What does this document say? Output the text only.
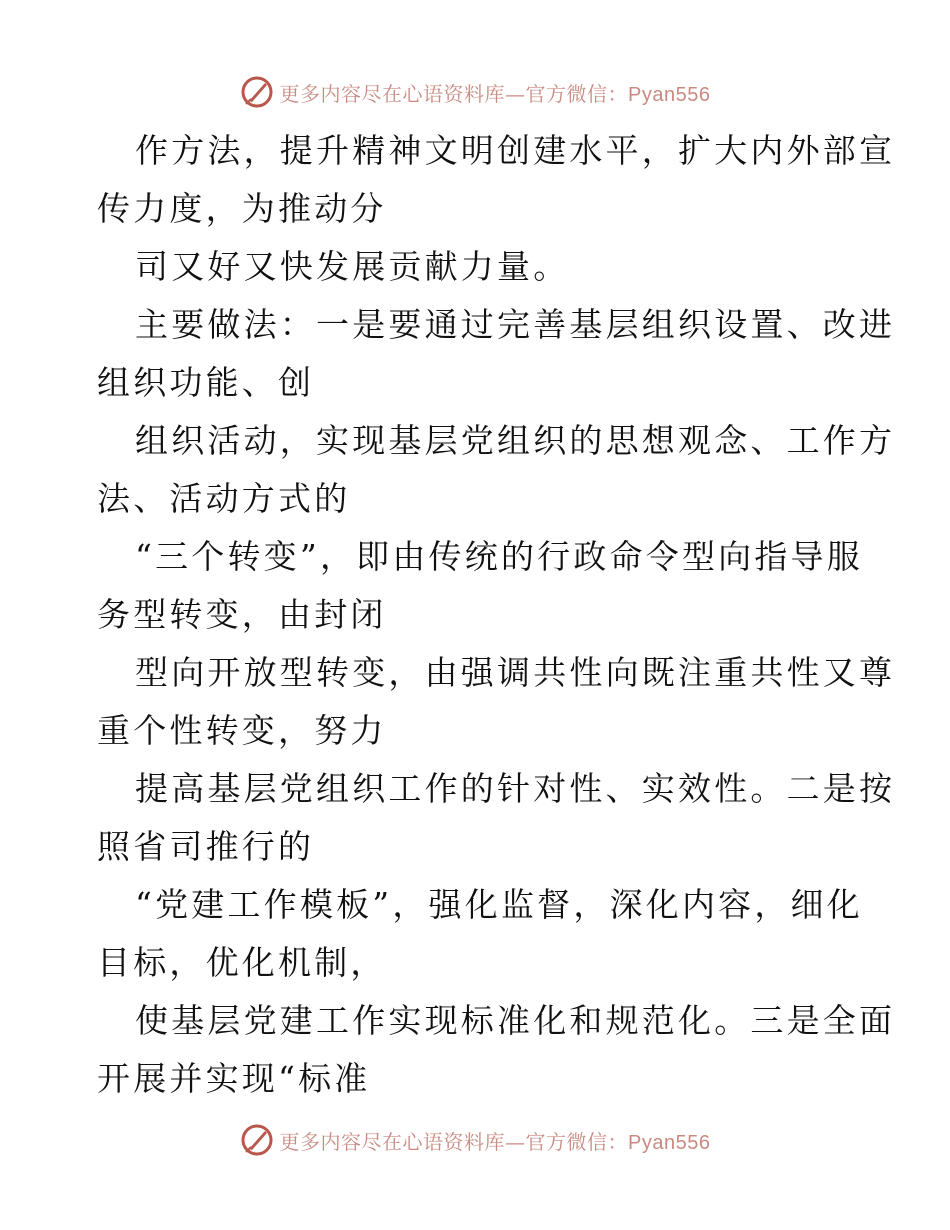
更多内容尽在心语资料库—官方微信：Pyan556
作方法，提升精神文明创建水平，扩大内外部宣
传力度，为推动分
司又好又快发展贡献力量。
主要做法：一是要通过完善基层组织设置、改进
组织功能、创
组织活动，实现基层党组织的思想观念、工作方
法、活动方式的
“三个转变”，即由传统的行政命令型向指导服
务型转变，由封闭
型向开放型转变，由强调共性向既注重共性又尊
重个性转变，努力
提高基层党组织工作的针对性、实效性。二是按
照省司推行的
“党建工作模板”，强化监督，深化内容，细化
目标，优化机制，
使基层党建工作实现标准化和规范化。三是全面
开展并实现“标准
更多内容尽在心语资料库—官方微信：Pyan556
